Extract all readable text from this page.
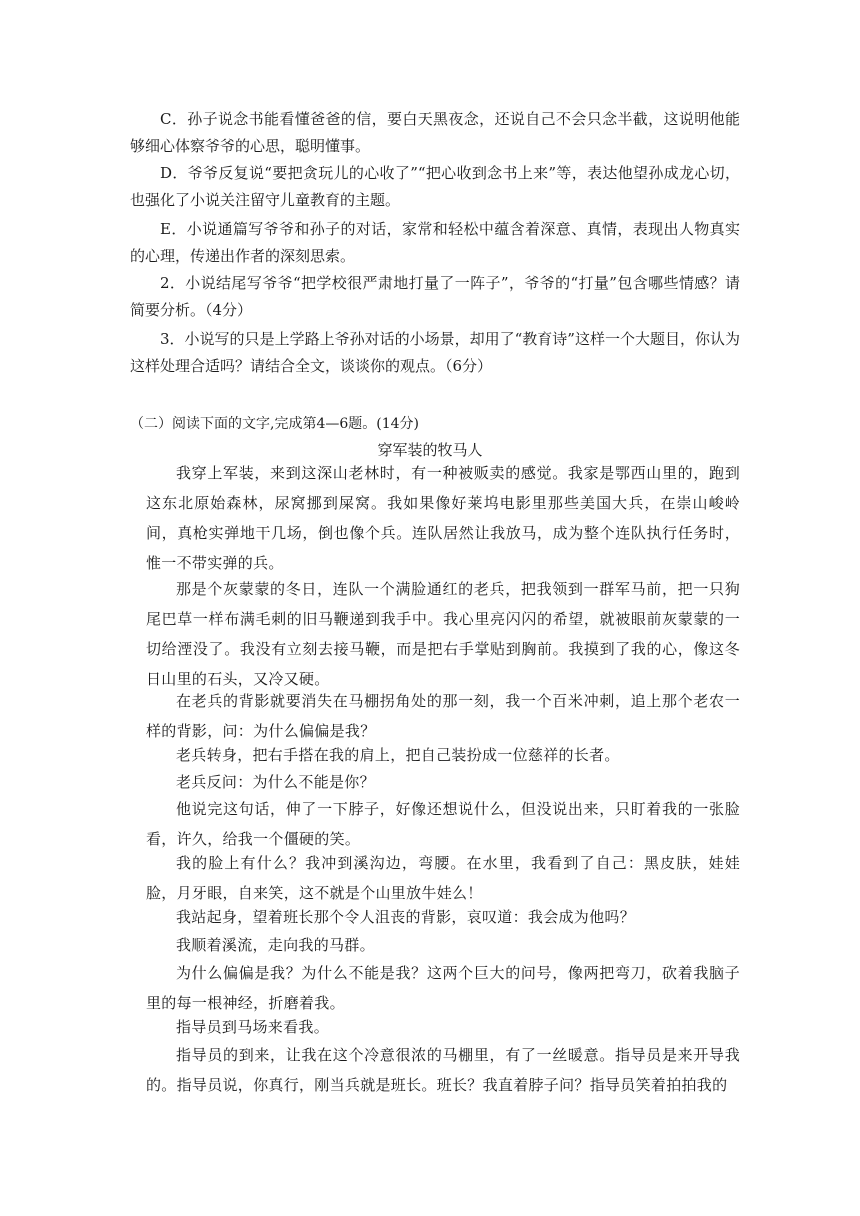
C．孙子说念书能看懂爸爸的信，要白天黑夜念，还说自己不会只念半截，这说明他能够细心体察爷爷的心思，聪明懂事。

D．爷爷反复说“要把贪玩儿的心收了”“把心收到念书上来”等，表达他望孙成龙心切，也强化了小说关注留守儿童教育的主题。

E．小说通篇写爷爷和孙子的对话，家常和轻松中蕴含着深意、真情，表现出人物真实的心理，传递出作者的深刻思索。

2．小说结尾写爷爷“把学校很严肃地打量了一阵子”，爷爷的“打量”包含哪些情感？请简要分析。（4分）

3．小说写的只是上学路上爷孙对话的小场景，却用了“教育诗”这样一个大题目，你认为这样处理合适吗？请结合全文，谈谈你的观点。（6分）

（二）阅读下面的文字,完成第4—6题。(14分)

穿军装的牧马人

我穿上军装，来到这深山老林时，有一种被贩卖的感觉。我家是鄂西山里的，跑到这东北原始森林，尿窝挪到屎窝。我如果像好莱坞电影里那些美国大兵，在崇山峻岭间，真枪实弹地干几场，倒也像个兵。连队居然让我放马，成为整个连队执行任务时，惟一不带实弹的兵。

那是个灰蒙蒙的冬日，连队一个满脸通红的老兵，把我领到一群军马前，把一只狗尾巴草一样布满毛刺的旧马鞭递到我手中。我心里亮闪闪的希望，就被眼前灰蒙蒙的一切给湮没了。我没有立刻去接马鞭，而是把右手掌贴到胸前。我摸到了我的心，像这冬日山里的石头，又冷又硬。

在老兵的背影就要消失在马棚拐角处的那一刻，我一个百米冲刺，追上那个老农一样的背影，问：为什么偏偏是我？

老兵转身，把右手搭在我的肩上，把自己装扮成一位慈祥的长者。

老兵反问：为什么不能是你？

他说完这句话，伸了一下脖子，好像还想说什么，但没说出来，只盯着我的一张脸看，许久，给我一个僵硬的笑。

我的脸上有什么？我冲到溪沟边，弯腰。在水里，我看到了自己：黑皮肤，娃娃脸，月牙眼，自来笑，这不就是个山里放牛娃么！

我站起身，望着班长那个令人沮丧的背影，哀叹道：我会成为他吗？

我顺着溪流，走向我的马群。

为什么偏偏是我？为什么不能是我？这两个巨大的问号，像两把弯刀，砍着我脑子里的每一根神经，折磨着我。

指导员到马场来看我。

指导员的到来，让我在这个冷意很浓的马棚里，有了一丝暖意。指导员是来开导我的。指导员说，你真行，刚当兵就是班长。班长？我直着脖子问？指导员笑着拍拍我的
